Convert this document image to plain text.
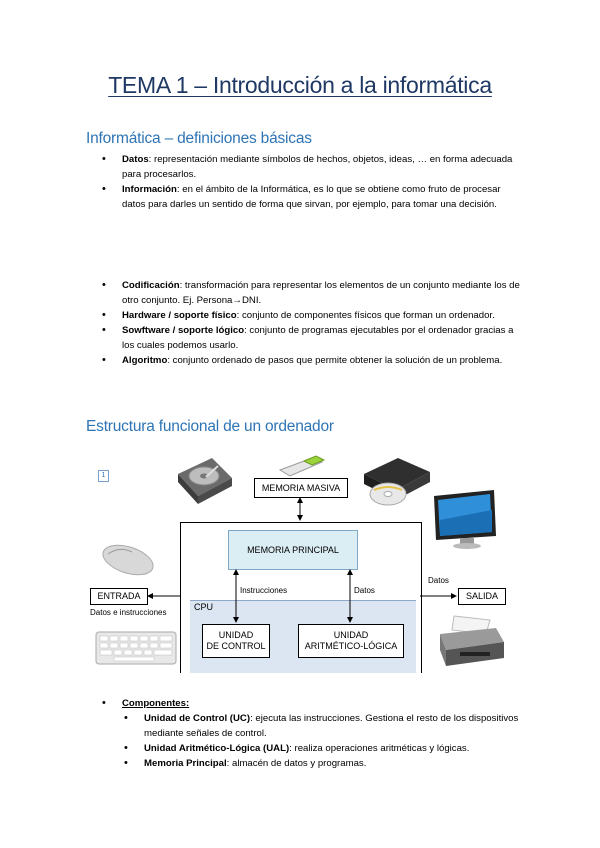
TEMA 1 – Introducción a la informática
Informática – definiciones básicas
• Datos: representación mediante símbolos de hechos, objetos, ideas, … en forma adecuada para procesarlos.
• Información: en el ámbito de la Informática, es lo que se obtiene como fruto de procesar datos para darles un sentido de forma que sirvan, por ejemplo, para tomar una decisión.
• Codificación: transformación para representar los elementos de un conjunto mediante los de otro conjunto. Ej. Persona→DNI.
• Hardware / soporte físico: conjunto de componentes físicos que forman un ordenador.
• Sowftware / soporte lógico: conjunto de programas ejecutables por el ordenador gracias a los cuales podemos usarlo.
• Algoritmo: conjunto ordenado de pasos que permite obtener la solución de un problema.
Estructura funcional de un ordenador
1
MEMORIA MASIVA
MEMORIA PRINCIPAL
CPU
UNIDAD
DE CONTROL
UNIDAD
ARITMÉTICO-LÓGICA
ENTRADA	SALIDA
Instrucciones	Datos
Datos
Datos e instrucciones
• Componentes:
• Unidad de Control (UC): ejecuta las instrucciones. Gestiona el resto de los dispositivos mediante señales de control.
• Unidad Aritmético-Lógica (UAL): realiza operaciones aritméticas y lógicas.
• Memoria Principal: almacén de datos y programas.
